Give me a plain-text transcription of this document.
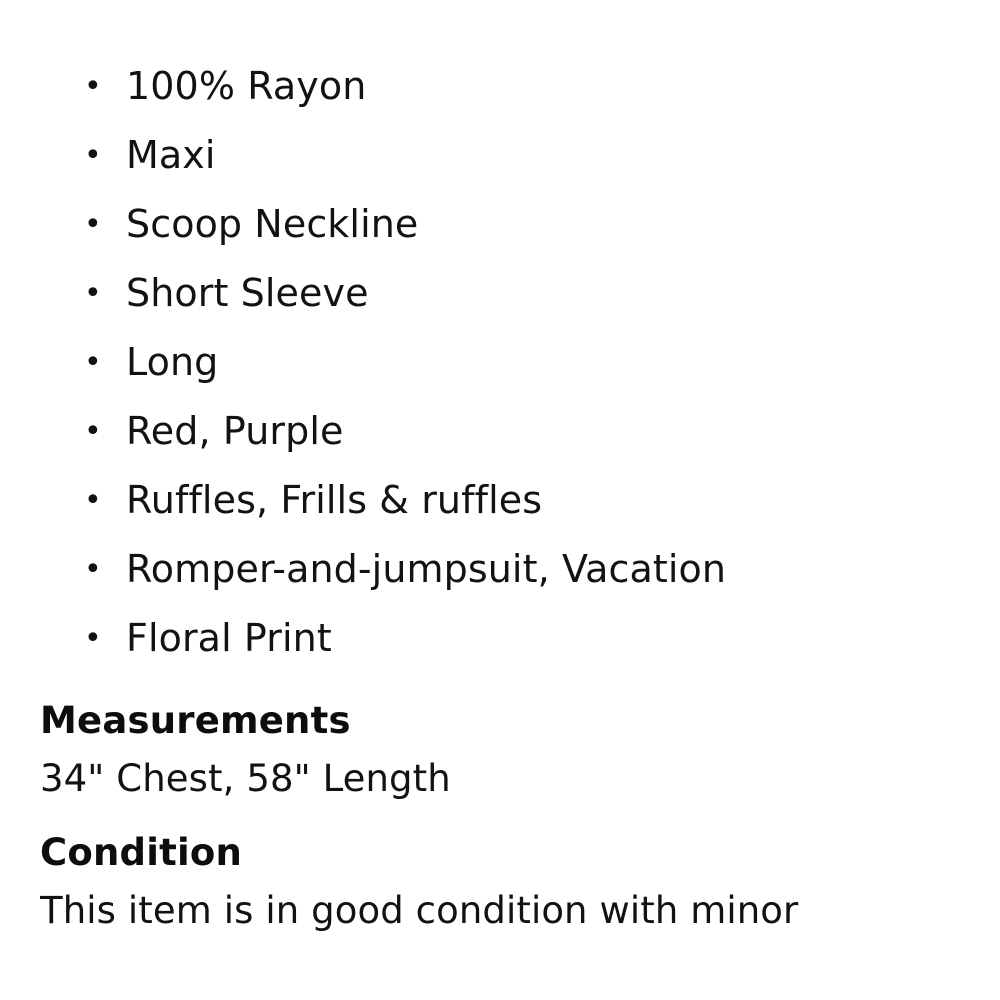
• 100% Rayon
• Maxi
• Scoop Neckline
• Short Sleeve
• Long
• Red, Purple
• Ruffles, Frills & ruffles
• Romper-and-jumpsuit, Vacation
• Floral Print
Measurements

34" Chest, 58" Length

Condition

This item is in good condition with minor
